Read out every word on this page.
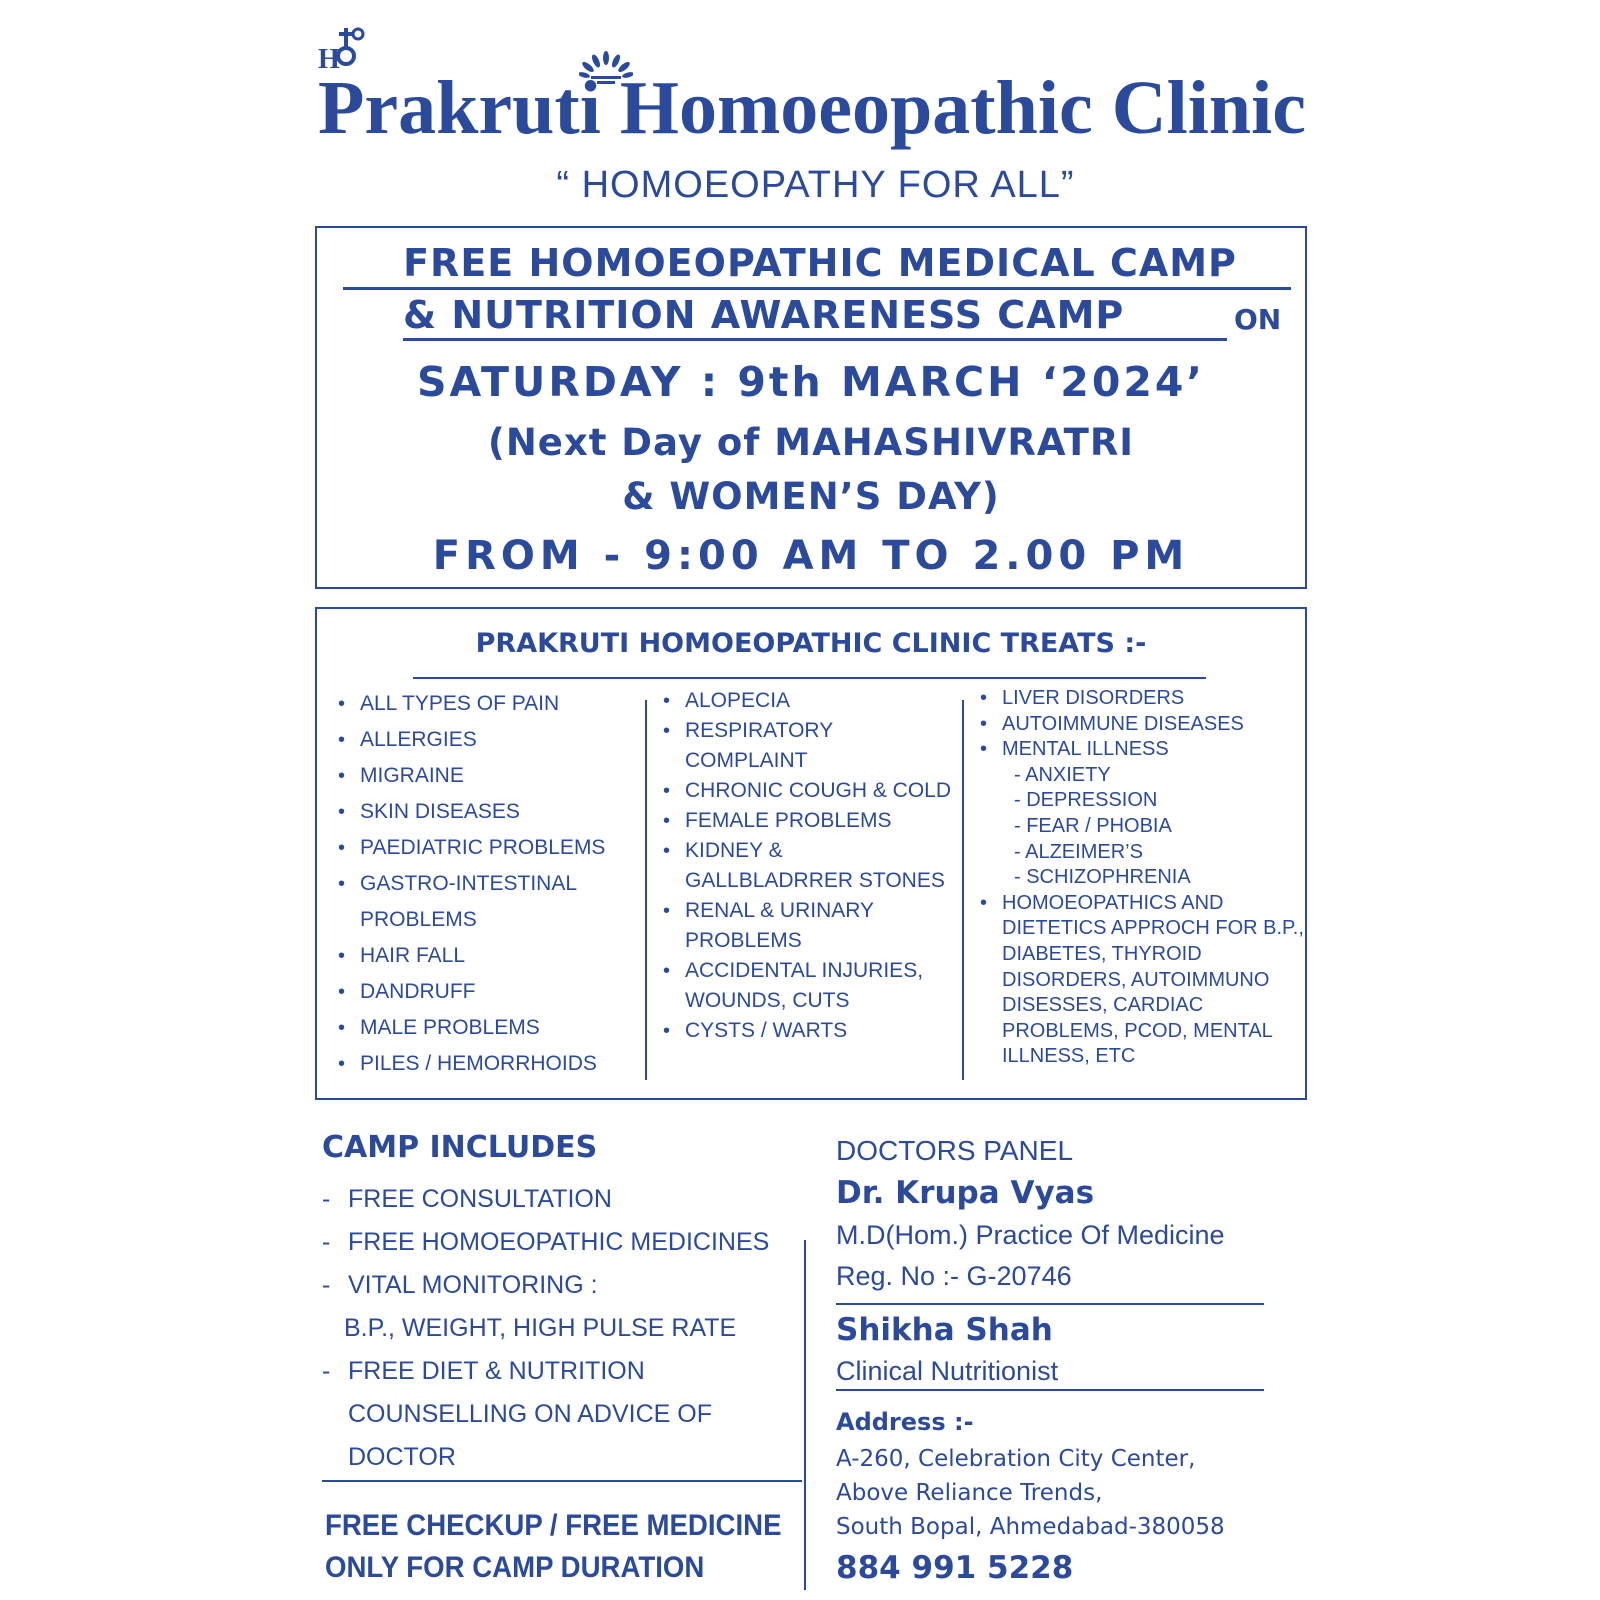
H
Prakruti Homoeopathic Clinic
“ HOMOEOPATHY FOR ALL”
FREE HOMOEOPATHIC MEDICAL CAMP
& NUTRITION AWARENESS CAMP	ON
SATURDAY : 9th MARCH ‘2024’
(Next Day of MAHASHIVRATRI
& WOMEN’S DAY)
FROM - 9:00 AM TO 2.00 PM
PRAKRUTI HOMOEOPATHIC CLINIC TREATS :-
• ALL TYPES OF PAIN
• ALLERGIES
• MIGRAINE
• SKIN DISEASES
• PAEDIATRIC PROBLEMS
• GASTRO-INTESTINAL PROBLEMS
• HAIR FALL
• DANDRUFF
• MALE PROBLEMS
• PILES / HEMORRHOIDS
• ALOPECIA
• RESPIRATORY COMPLAINT
• CHRONIC COUGH & COLD
• FEMALE PROBLEMS
• KIDNEY & GALLBLADRRER STONES
• RENAL & URINARY PROBLEMS
• ACCIDENTAL INJURIES, WOUNDS, CUTS
• CYSTS / WARTS
• LIVER DISORDERS
• AUTOIMMUNE DISEASES
• MENTAL ILLNESS
- ANXIETY
- DEPRESSION
- FEAR / PHOBIA
- ALZEIMER’S
- SCHIZOPHRENIA
• HOMOEOPATHICS AND DIETETICS APPROCH FOR B.P., DIABETES, THYROID DISORDERS, AUTOIMMUNO DISESSES, CARDIAC PROBLEMS, PCOD, MENTAL ILLNESS, ETC
CAMP INCLUDES
- FREE CONSULTATION
- FREE HOMOEOPATHIC MEDICINES
- VITAL MONITORING :
B.P., WEIGHT, HIGH PULSE RATE
- FREE DIET & NUTRITION
COUNSELLING ON ADVICE OF
DOCTOR
FREE CHECKUP / FREE MEDICINE
ONLY FOR CAMP DURATION
DOCTORS PANEL
Dr. Krupa Vyas
M.D(Hom.) Practice Of Medicine
Reg. No :- G-20746
Shikha Shah
Clinical Nutritionist
Address :-
A-260, Celebration City Center,
Above Reliance Trends,
South Bopal, Ahmedabad-380058
884 991 5228
